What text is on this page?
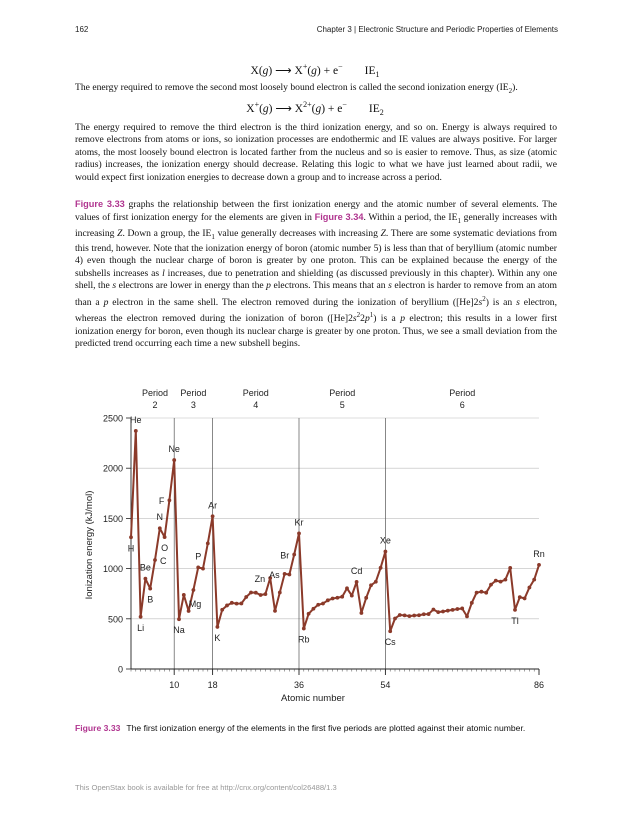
162	Chapter 3 | Electronic Structure and Periodic Properties of Elements
X(g) ⟶ X+(g) + e− $IE_1$

The energy required to remove the second most loosely bound electron is called the second ionization energy $(IE_2)$.

X+(g) ⟶ $X^{2+}(g) + e^-$ $IE_2$

The energy required to remove the third electron is the third ionization energy, and so on. Energy is always required to remove electrons from atoms or ions, so ionization processes are endothermic and IE values are always positive. For larger atoms, the most loosely bound electron is located farther from the nucleus and so is easier to remove. Thus, as size (atomic radius) increases, the ionization energy should decrease. Relating this logic to what we have just learned about radii, we would expect first ionization energies to decrease down a group and to increase across a period.

Figure 3.33 graphs the relationship between the first ionization energy and the atomic number of several elements. The values of first ionization energy for the elements are given in Figure 3.34. Within a period, the $IE_1$ generally increases with increasing Z. Down a group, the $IE_1$ value generally decreases with increasing Z. There are some systematic deviations from this trend, however. Note that the ionization energy of boron (atomic number 5) is less than that of beryllium (atomic number 4) even though the nuclear charge of boron is greater by one proton. This can be explained because the energy of the subshells increases as l increases, due to penetration and shielding (as discussed previously in this chapter). Within any one shell, the s electrons are lower in energy than the p electrons. This means that an s electron is harder to remove from an atom than a p electron in the same shell. The electron removed during the ionization of beryllium $([He]2s^2)$ is an s electron, whereas the electron removed during the ionization of boron $([He]2s^22p^1)$ is a p electron; this results in a lower first ionization energy for boron, even though its nuclear charge is greater by one proton. Thus, we see a small deviation from the predicted trend occurring each time a new subshell begins.

0
500
1000
1500
2000
2500
10	18	36	54	86
Period
2
Period
3
Period
4
Period
5
Period
6
H
He
Li
Be
B
C
N
O
F
Ne
Na
Mg
P
Ar
K
Zn As
Br
Kr
Rb
Cd
Xe
Cs
Tl
Rn
Atomic number
Ionization energy (kJ/mol)
Figure 3.33 The first ionization energy of the elements in the first five periods are plotted against their atomic number.
This OpenStax book is available for free at http://cnx.org/content/col26488/1.3
